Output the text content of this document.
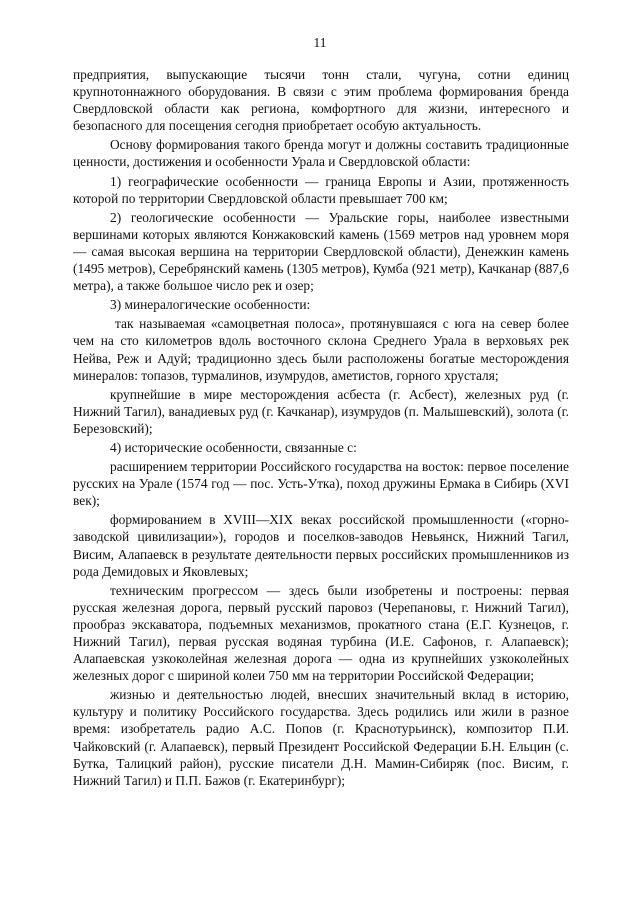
11

предприятия, выпускающие тысячи тонн стали, чугуна, сотни единиц крупнотоннажного оборудования. В связи с этим проблема формирования бренда Свердловской области как региона, комфортного для жизни, интересного и безопасного для посещения сегодня приобретает особую актуальность.

Основу формирования такого бренда могут и должны составить традиционные ценности, достижения и особенности Урала и Свердловской области:

1) географические особенности — граница Европы и Азии, протяженность которой по территории Свердловской области превышает 700 км;

2) геологические особенности — Уральские горы, наиболее известными вершинами которых являются Конжаковский камень (1569 метров над уровнем моря — самая высокая вершина на территории Свердловской области), Денежкин камень (1495 метров), Серебрянский камень (1305 метров), Кумба (921 метр), Качканар (887,6 метра), а также большое число рек и озер;

3) минералогические особенности:

так называемая «самоцветная полоса», протянувшаяся с юга на север более чем на сто километров вдоль восточного склона Среднего Урала в верховьях рек Нейва, Реж и Адуй; традиционно здесь были расположены богатые месторождения минералов: топазов, турмалинов, изумрудов, аметистов, горного хрусталя;

крупнейшие в мире месторождения асбеста (г. Асбест), железных руд (г. Нижний Тагил), ванадиевых руд (г. Качканар), изумрудов (п. Малышевский), золота (г. Березовский);

4) исторические особенности, связанные с:

расширением территории Российского государства на восток: первое поселение русских на Урале (1574 год — пос. Усть-Утка), поход дружины Ермака в Сибирь (XVI век);

формированием в XVIII—XIX веках российской промышленности («горно-заводской цивилизации»), городов и поселков-заводов Невьянск, Нижний Тагил, Висим, Алапаевск в результате деятельности первых российских промышленников из рода Демидовых и Яковлевых;

техническим прогрессом — здесь были изобретены и построены: первая русская железная дорога, первый русский паровоз (Черепановы, г. Нижний Тагил), прообраз экскаватора, подъемных механизмов, прокатного стана (Е.Г. Кузнецов, г. Нижний Тагил), первая русская водяная турбина (И.Е. Сафонов, г. Алапаевск); Алапаевская узкоколейная железная дорога — одна из крупнейших узкоколейных железных дорог с шириной колеи 750 мм на территории Российской Федерации;

жизнью и деятельностью людей, внесших значительный вклад в историю, культуру и политику Российского государства. Здесь родились или жили в разное время: изобретатель радио А.С. Попов (г. Краснотурьинск), композитор П.И. Чайковский (г. Алапаевск), первый Президент Российской Федерации Б.Н. Ельцин (с. Бутка, Талицкий район), русские писатели Д.Н. Мамин-Сибиряк (пос. Висим, г. Нижний Тагил) и П.П. Бажов (г. Екатеринбург);
